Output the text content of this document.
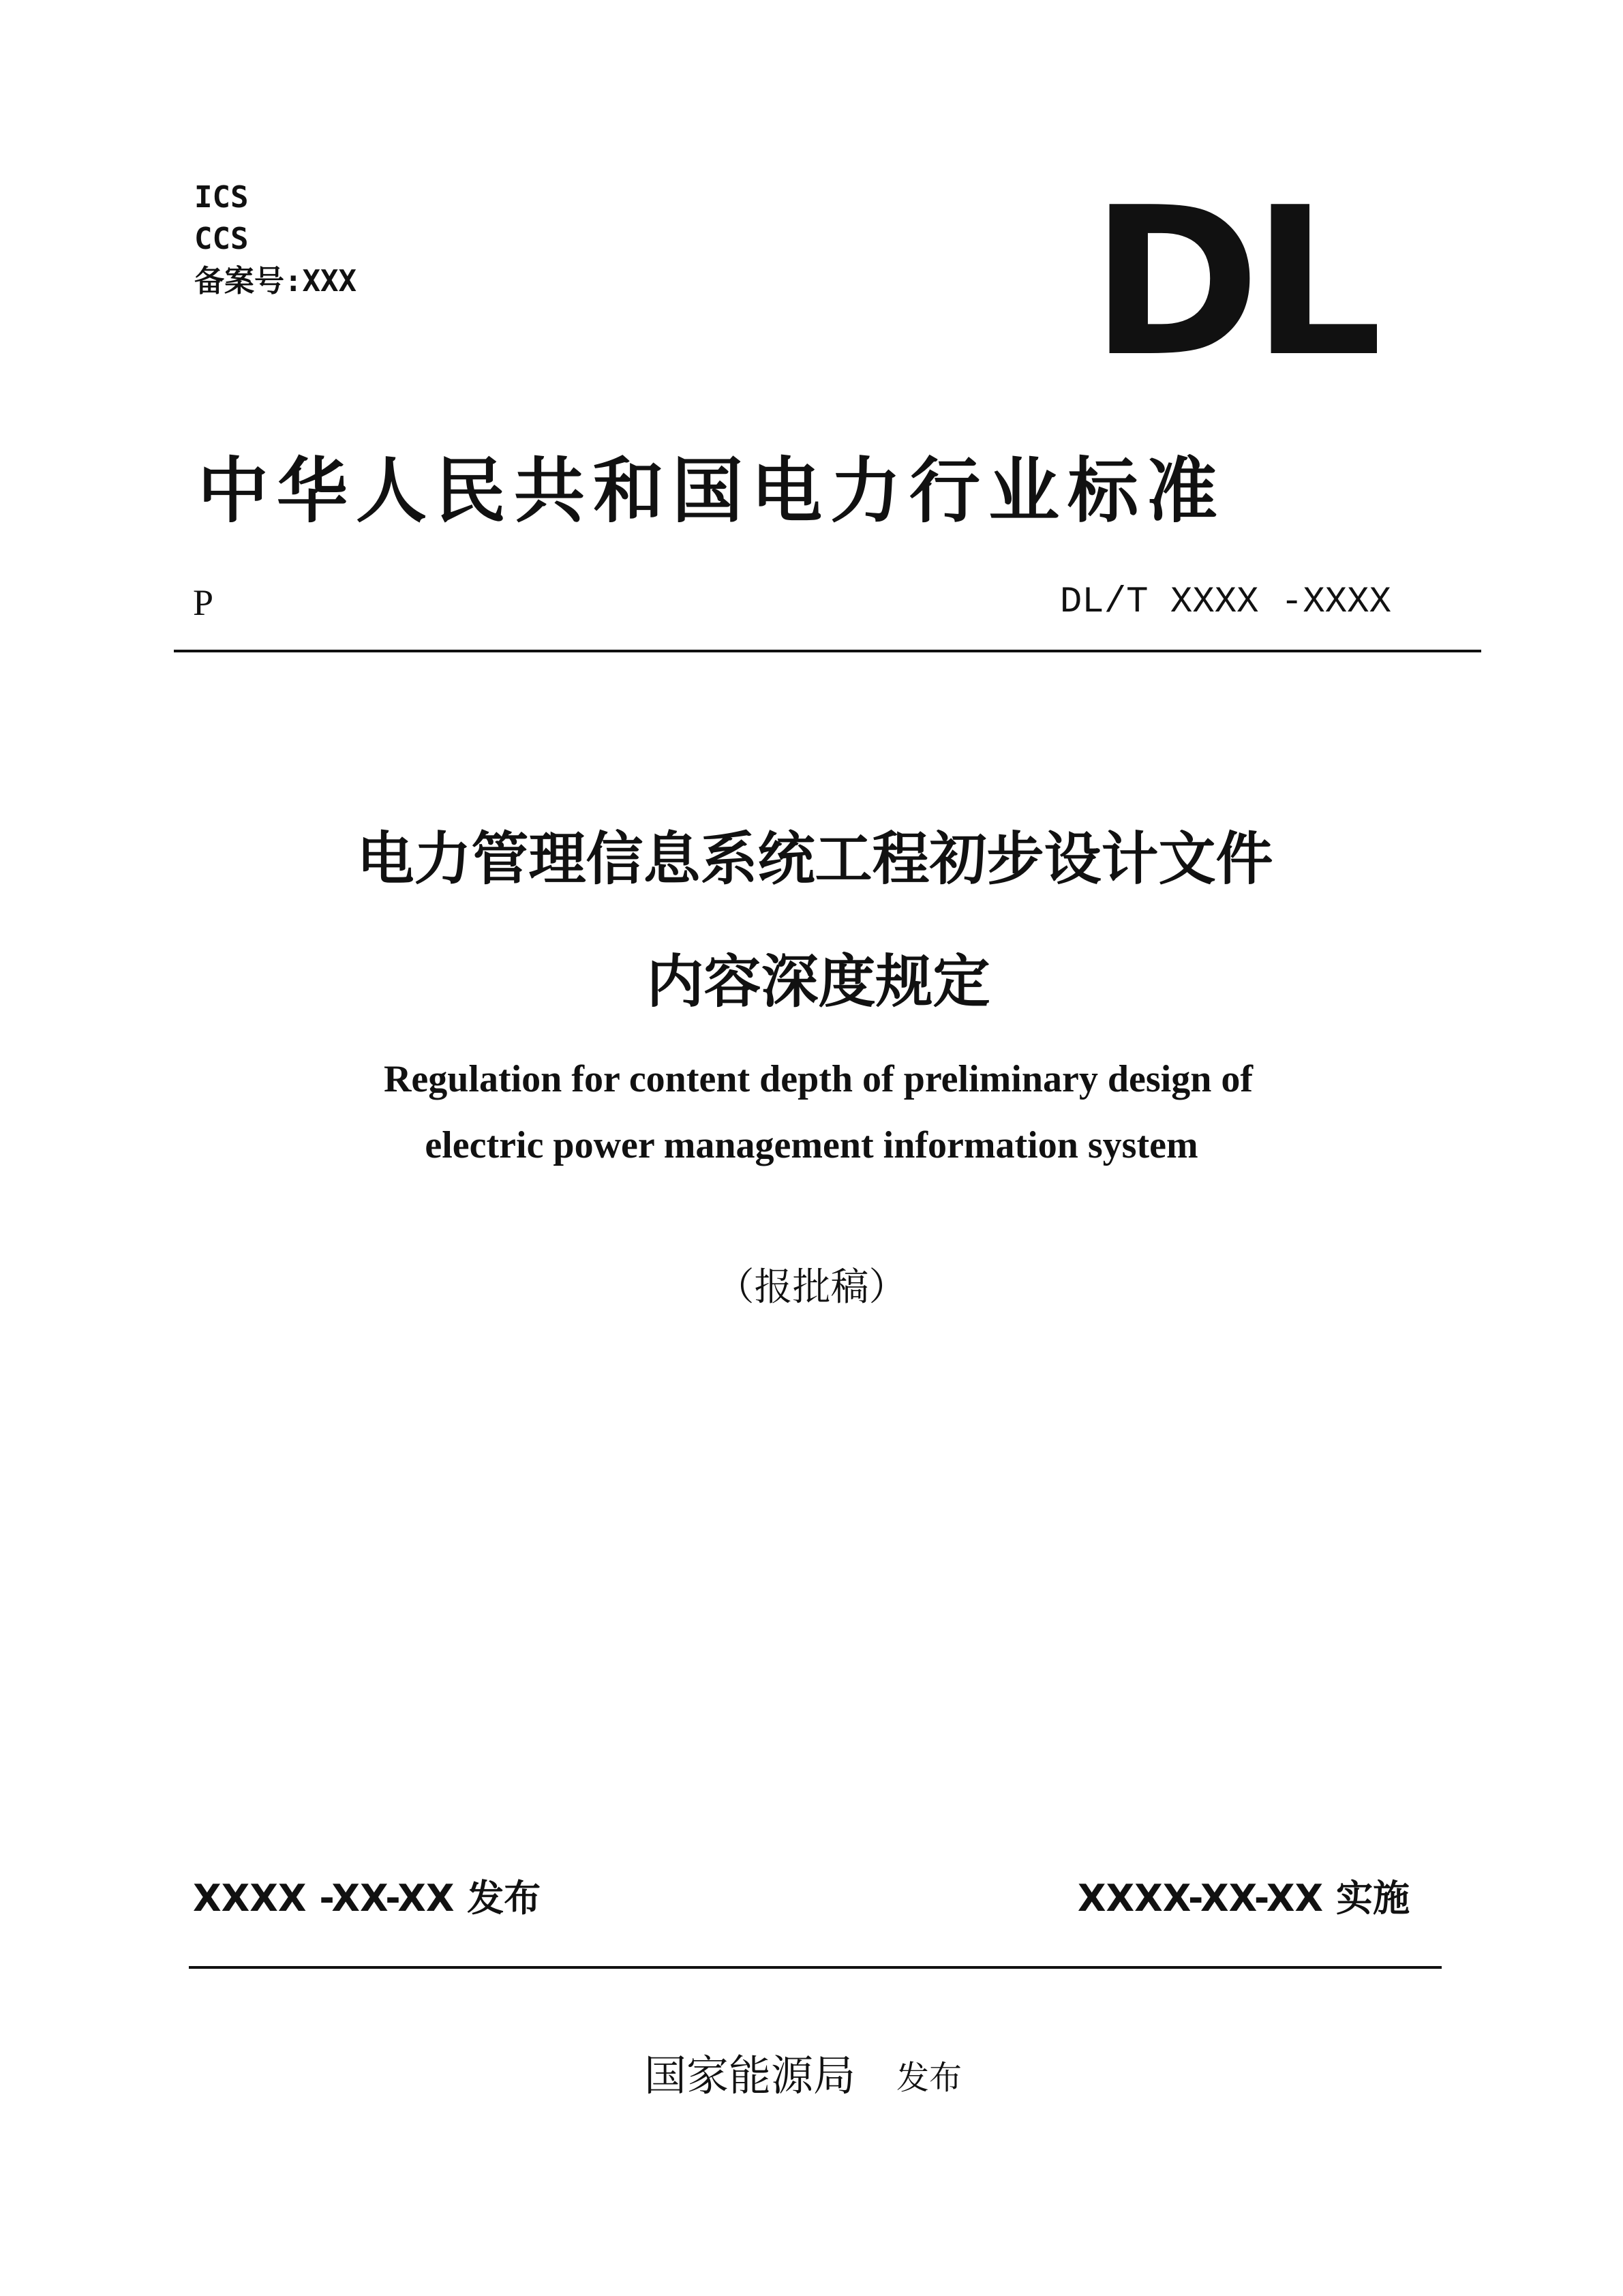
ICS
CCS
备案号:XXX	DL
中华人民共和国电力行业标准
P	DL/T XXXX -XXXX
电力管理信息系统工程初步设计文件
内容深度规定
Regulation for content depth of preliminary design of
electric power management information system
（报批稿）
XXXX -XX-XX 发布	XXXX-XX-XX 实施
国家能源局 发布
